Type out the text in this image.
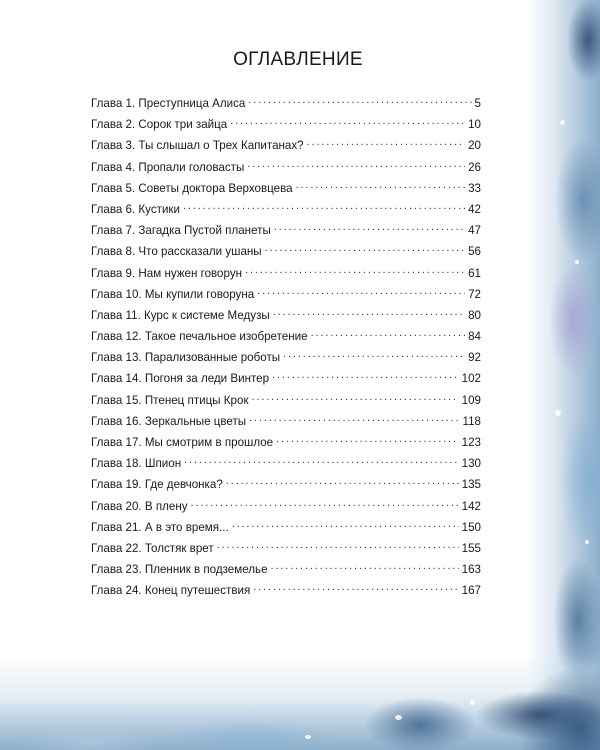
ОГЛАВЛЕНИЕ
Глава 1. Преступница Алиса . . .	5
Глава 2. Сорок три зайца . . .	10
Глава 3. Ты слышал о Трех Капитанах? . . .	20
Глава 4. Пропали головасты . . .	26
Глава 5. Советы доктора Верховцева . . .	33
Глава 6. Кустики . . .	42
Глава 7. Загадка Пустой планеты . . .	47
Глава 8. Что рассказали ушаны . . .	56
Глава 9. Нам нужен говорун . . .	61
Глава 10. Мы купили говоруна . . .	72
Глава 11. Курс к системе Медузы . . .	80
Глава 12. Такое печальное изобретение . . .	84
Глава 13. Парализованные роботы . . .	92
Глава 14. Погоня за леди Винтер . . .	102
Глава 15. Птенец птицы Крок . . .	109
Глава 16. Зеркальные цветы . . .	118
Глава 17. Мы смотрим в прошлое . . .	123
Глава 18. Шпион . . .	130
Глава 19. Где девчонка? . . .	135
Глава 20. В плену . . .	142
Глава 21. А в это время... . . .	150
Глава 22. Толстяк врет . . .	155
Глава 23. Пленник в подземелье . . .	163
Глава 24. Конец путешествия . . .	167
